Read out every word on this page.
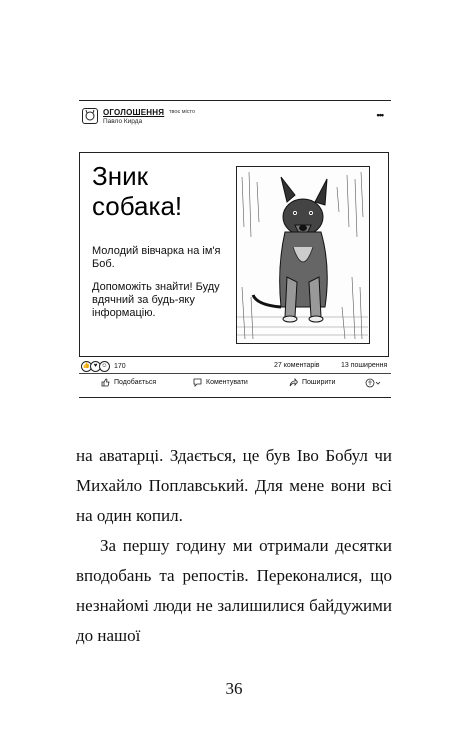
ОГОЛОШЕННЯ твоє місто
Павло Кирда
•••
Зник
собака!

Молодий вівчарка на ім'я Боб.

Допоможіть знайти! Буду вдячний за будь-яку інформацію.

👍 ♥ ☺ 170	27 коментарів	13 поширення
Подобається	Коментувати	Поширити

на аватарці. Здається, це був Іво Бобул чи Михайло Поплавський. Для мене вони всі на один копил.

За першу годину ми отримали десятки вподобань та репостів. Переконалися, що незнайомі люди не залишилися байдужими до нашої

36
